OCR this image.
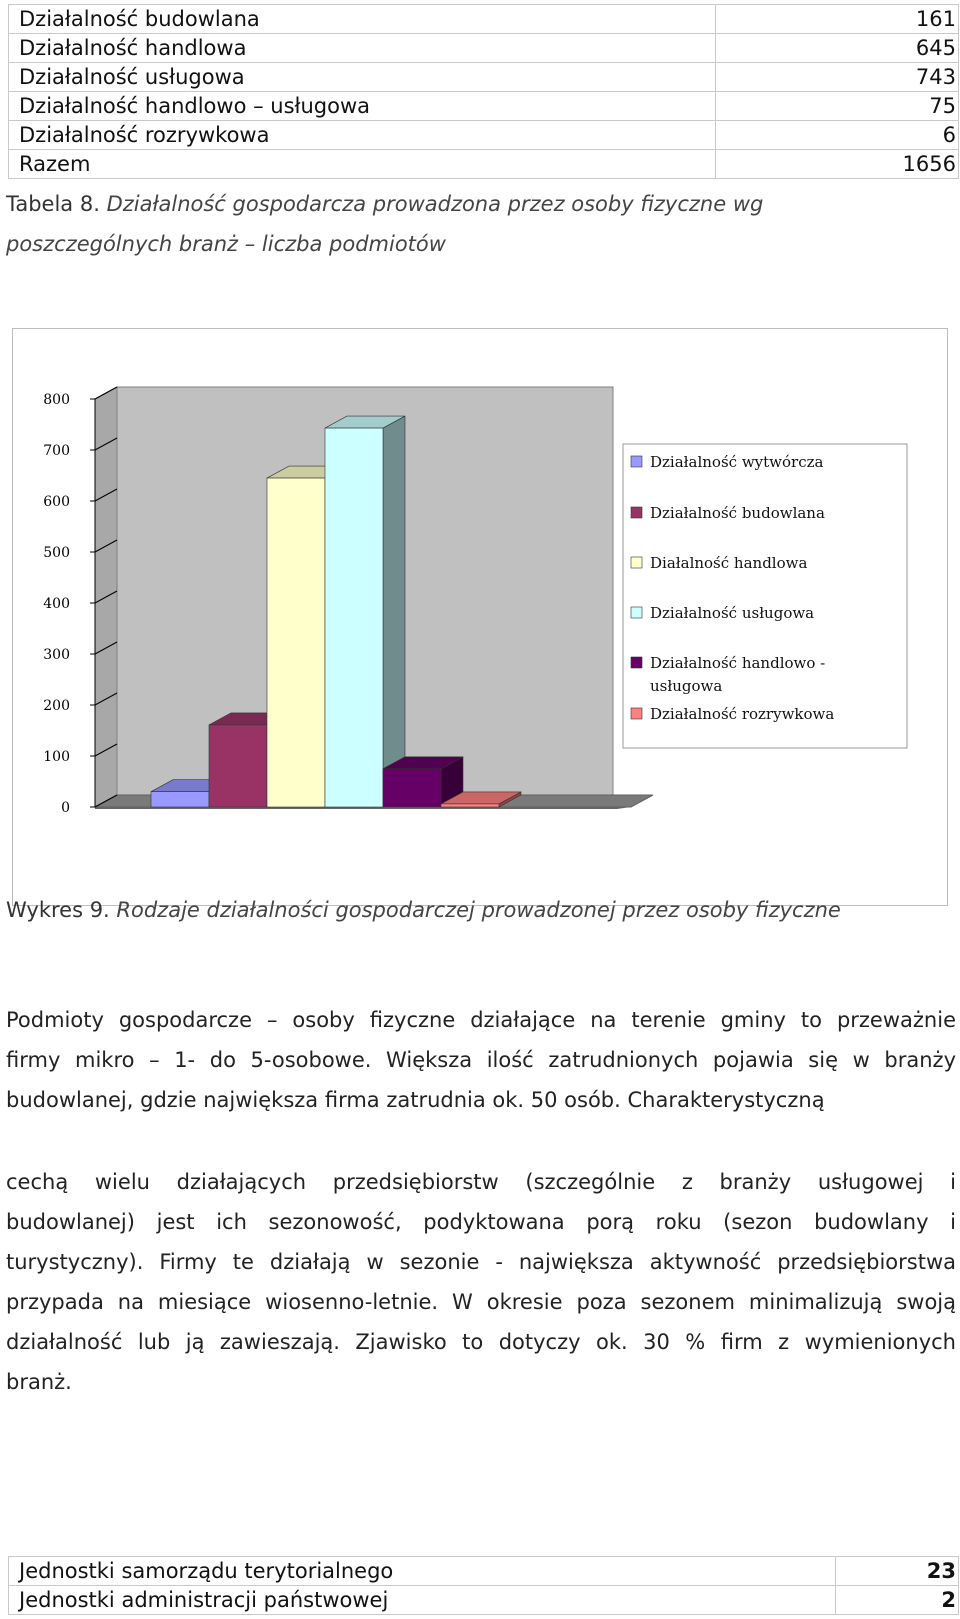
Działalność budowlana	161
Działalność handlowa	645
Działalność usługowa	743
Działalność handlowo – usługowa	75
Działalność rozrywkowa	6
Razem	1656
Tabela 8. Działalność gospodarcza prowadzona przez osoby fizyczne wg
poszczególnych branż – liczba podmiotów
0
100
200
300
400
500
600
700
800
Działalność wytwórcza
Działalność budowlana
Diałalność handlowa
Działalność usługowa
Działalność handlowo -usługowa
Działalność rozrywkowa
Wykres 9. Rodzaje działalności gospodarczej prowadzonej przez osoby fizyczne
Podmioty gospodarcze – osoby fizyczne działające na terenie gminy to przeważnie
firmy mikro – 1- do 5-osobowe. Większa ilość zatrudnionych pojawia się w branży
budowlanej, gdzie największa firma zatrudnia ok. 50 osób. Charakterystyczną
cechą wielu działających przedsiębiorstw (szczególnie z branży usługowej i
budowlanej) jest ich sezonowość, podyktowana porą roku (sezon budowlany i
turystyczny). Firmy te działają w sezonie - największa aktywność przedsiębiorstwa
przypada na miesiące wiosenno-letnie. W okresie poza sezonem minimalizują swoją
działalność lub ją zawieszają. Zjawisko to dotyczy ok. 30 % firm z wymienionych
branż.
Jednostki samorządu terytorialnego	23
Jednostki administracji państwowej	2
